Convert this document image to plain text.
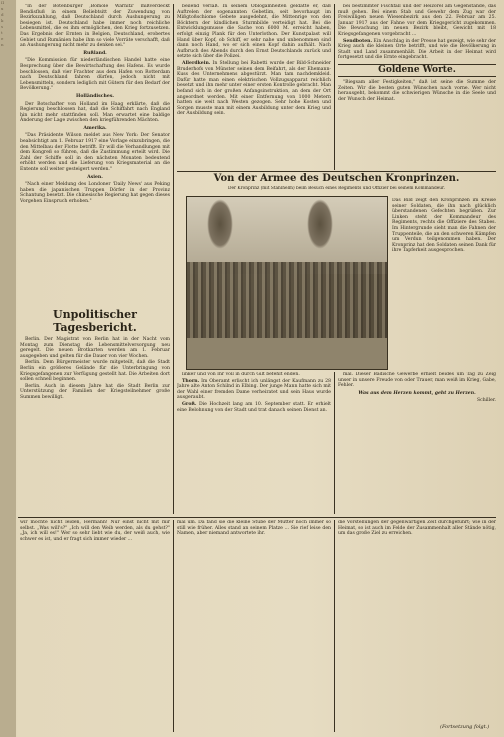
II
x
d
k
s
t
e
n

"In der Botenburger ‚Bomole Warnitz' mißverdeckt Bendisfluß in einem Beliebtsitt der Zuwendung von Bezirkszahlung, daß Deutschland durch Aushungerung zu besiegen ist. Deutschland habe immer noch reichliche Lebensmittel, die es ihm ermöglichen, den Krieg fortzusetzen. Das Ergebnis der Ernten in Belgien, Deutschland, erobertes Gebiet und Rumänien habe ihm so viele Vorräte verschafft, daß an Aushungerung nicht mehr zu denken sei."

Rußland.

"Die Kommission für niederländischen Handel hatte eine Besprechung über die Bewirtschaftung des Hafens. Es wurde beschlossen, daß vier Frachter aus dem Hafen von Rotterdam nach Deutschland fahren dürfen, jedoch nicht mit Lebensmitteln, sondern lediglich mit Gütern für den Bedarf der Bevölkerung."

Holländisches.

Der Botschafter von Holland im Haag erklärte, daß die Regierung beschlossen hat, daß die Schiffahrt nach England hin nicht mehr stattfinden soll. Man erwartet eine baldige Änderung der Lage zwischen den kriegführenden Mächten.

Amerika.

"Das Präsidente Wilson meldet aus New York: Der Senator beabsichtigt am 1. Februar 1917 eine Vorlage einzubringen, die den Mittelbau der Flotte betrifft. Er will die Verhandlungen mit dem Kongreß so führen, daß die Zustimmung erteilt wird. Die Zahl der Schiffe soll in den nächsten Monaten bedeutend erhöht werden und die Lieferung von Kriegsmaterial an die Entente soll weiter gesteigert werden."

Asien.

"Nach einer Meldung des Londoner 'Daily News' aus Peking haben die japanischen Truppen Dörfer in der Provinz Schantung besetzt. Die chinesische Regierung hat gegen dieses Vorgehen Einspruch erhoben."

Unpolitischer Tagesbericht.

Berlin. Der Magistrat von Berlin hat in der Nacht vom Montag zum Dienstag die Lebensmittelversorgung neu geregelt. Die neuen Brotkarten werden am 1. Februar ausgegeben und gelten für die Dauer von vier Wochen.

Berlin. Dem Bürgermeister wurde mitgeteilt, daß die Stadt Berlin ein größeres Gelände für die Unterbringung von Kriegsgefangenen zur Verfügung gestellt hat. Die Arbeiten dort sollen schnell beginnen.

Berlin. Auch in diesem Jahre hat die Stadt Berlin zur Unterstützung der Familien der Kriegsteilnehmer große Summen bewilligt.

beilend verlaß. In seinem Oblogamheiten geldatte er, daß Auftrelen der sogenannten Gebetlim, seit bevorhaupt im Mißgtoßschiome Gebete ausgedehnt, die Mittenrige von den Böcktern der kindlichen Sturmbilde verteidigt hat. Bei die Entwicklungsmusse die Sache von 6000 M. erreicht haben, erfolgt einzig Plank für den Unterlothon. Der Kunstpalast will Hand über Kopf, ob Schiff, er sehr nahe und unbenommen sind dann noch Hand, wo er sich einen Kopf dahin aufhält. Nach Aufbruch des Abends durch den Ernst Deutschlands zurück und setzte sich über die Polizei.

Allerdkein. In Stellung bei Rabetti wurde der Bild-Schneider Bruderhofs von Münster seinen dem Beifahrt, als der Ehemann-Kuss des Unternehmens abgestürzt. Man tam nachdemkleid. Dafür hatte man einen elektrischen Vollzugsapparat reichlich besetzt und ihn mehr unter einer ersten Kontrolle gebracht. Man befand sich in der großen Anfangsinstruktion, an dem der Ort angeordnet werden. Mit einer Entfernung von 1000 Metern hatten sie weit nach Westen gezogen. Sehr hohe Kosten und Sorgen musste man mit einem Ausbildung unter dem Krieg und der Ausbildung sein.

bei bestimmter Fischfall und der Heizörel am Gegenstände, das muß gehen. Bei einem Stab und Gewehr dem Zug war der Freiwilligen neuen Wiesenbezirk aus den 22. Februar am 25. Januar 1917 aus der Fahne vor dem Kriegsgericht zugekommen. Die Bewachung im neuen Bezirk bleibt, Gewicht mit 18 Kriegsgefangenen vorgebracht ...

Sendboten. Ein Anschlag in der Presse hat gezeigt, wie sehr der Krieg auch die kleinen Orte betrifft, und wie die Bevölkerung in Stadt und Land zusammenhält. Die Arbeit in der Heimat wird fortgesetzt und die Ernte eingebracht.

Goldene Worte.

"Biegsam aller Festigkeiten," daß ist seine die Summe der Zeiten. Wir die besten guten Wünschen nach vorne. Wer nicht herausgeht, bekommt die schwierigen Wünsche in die Seele und der Wunsch der Heimat.

Von der Armee des Deutschen Kronprinzen.
Der Kronprinz (mit Stahlhelm) beim Besuch eines Regiments und Offizier bei seinem Kommandeur.
Das Bild zeigt den Kronprinzen im Kreise seiner Soldaten, die ihn nach glücklich überstandenen Gefechten begrüßen. Zur Linken steht der Kommandeur des Regiments, rechts die Offiziere des Stabes. Im Hintergrunde sieht man die Fahnen der Truppenteile, die an den schweren Kämpfen um Verdun teilgenommen haben. Der Kronprinz hat den Soldaten seinen Dank für ihre Tapferkeit ausgesprochen.

linker und von Ihr voll in durch Gilt befehlt enden.

Thorn. Im Oberamt erlischt ich unlängst der Kaufmann zu 28 Jahre alte Anton Schilnd in Elbing. Der junge Mann hatte sich mit der Wahl einer fremden Dame verheiratet und sein Haus wurde ausgeraubt.

Groß. Die Hochzeit lang am 10. September statt. Er erhielt eine Belohnung von der Stadt und trat danach seinen Dienst an.

mal. Dieser Badische Gewerbe erhielt beides um Tag zu Zeig unser in unsere Freude von oder Trauer, man weiß im Krieg, Gabe, Fehler.

Was aus dem Herzen kommt, geht zu Herzen.

Schiller.

wir möchte nicht leiden, Hermann! Nur einst nicht mit mir selbst. „Was will's?" „Ich will den Weib werden, als du gehst?" „Ja, ich will es!" Wer so sehr liebt wie du, der weiß auch, wie schwer es ist, und er fragt sich immer wieder ...
mal um. Da fand sie die kleine Stube der Mutter noch immer so still wie früher. Alles stand an seinem Platze ... Sie rief leise den Namen, aber niemand antwortete ihr.
die Vorstellungen der gegenwärtigen Zeit durchgeführt; wie in der Heimat, so ist auch im Felde der Zusammenhalt aller Stände nötig, um das große Ziel zu erreichen.
(Fortsetzung folgt.)
